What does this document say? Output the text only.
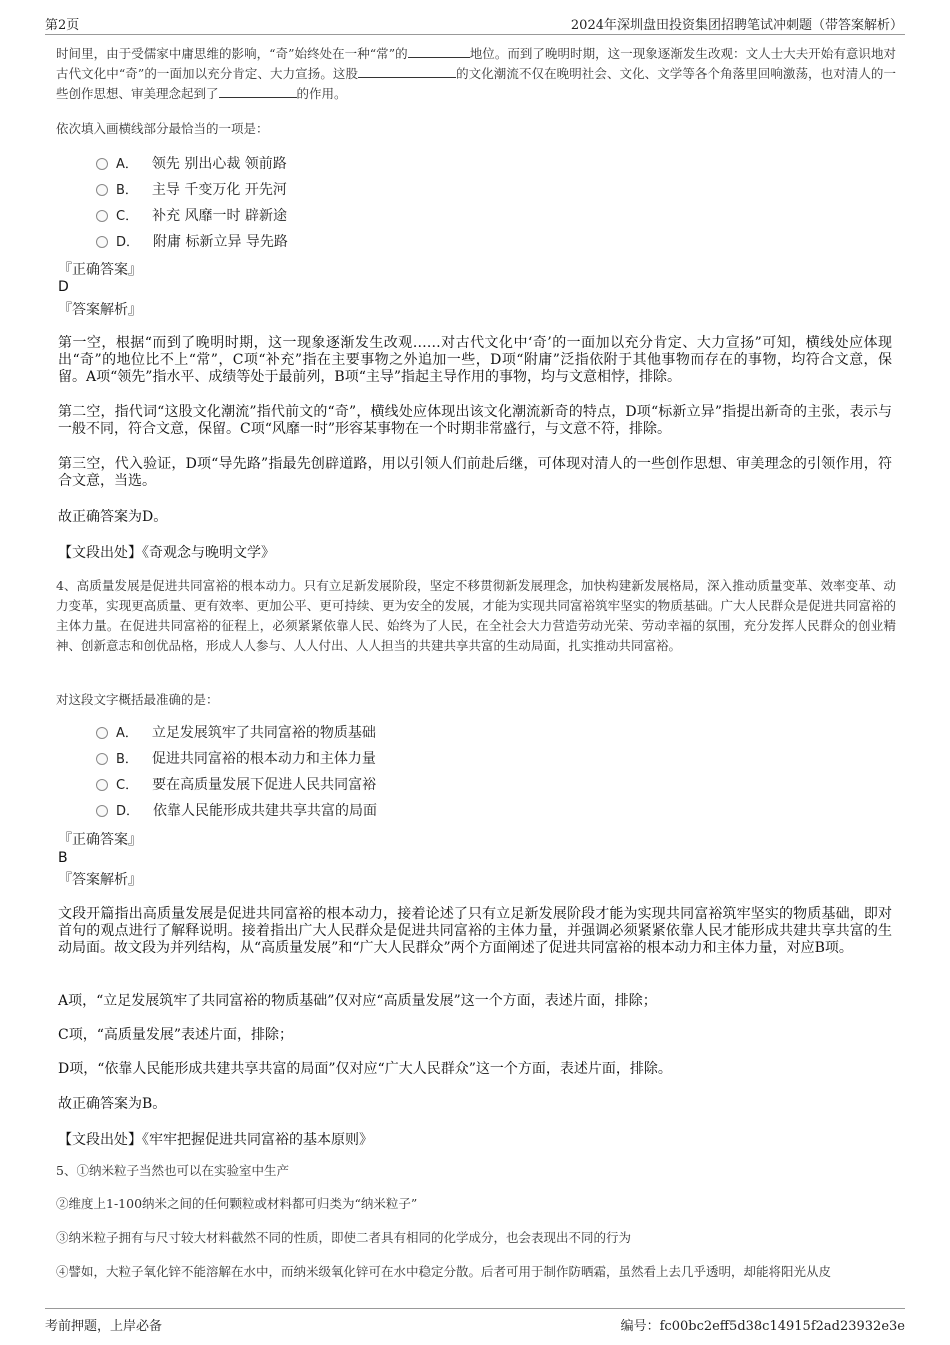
第2页	2024年深圳盘田投资集团招聘笔试冲刺题（带答案解析）

时间里，由于受儒家中庸思维的影响，“奇”始终处在一种“常”的	地位。而到了晚明时期，这一现象逐渐发生改观：文人士大夫开始有意识地对古代文化中“奇”的一面加以充分肯定、大力宣扬。这股	的文化潮流不仅在晚明社会、文化、文学等各个角落里回响激荡，也对清人的一些创作思想、审美理念起到了	的作用。

依次填入画横线部分最恰当的一项是：

A． 领先 别出心裁 领前路
B． 主导 千变万化 开先河
C． 补充 风靡一时 辟新途
D． 附庸 标新立异 导先路
『正确答案』
D
『答案解析』

第一空，根据“而到了晚明时期，这一现象逐渐发生改观……对古代文化中‘奇’的一面加以充分肯定、大力宣扬”可知，横线处应体现出“奇”的地位比不上“常”，C项“补充”指在主要事物之外追加一些，D项“附庸”泛指依附于其他事物而存在的事物，均符合文意，保留。A项“领先”指水平、成绩等处于最前列，B项“主导”指起主导作用的事物，均与文意相悖，排除。

第二空，指代词“这股文化潮流”指代前文的“奇”，横线处应体现出该文化潮流新奇的特点，D项“标新立异”指提出新奇的主张，表示与一般不同，符合文意，保留。C项“风靡一时”形容某事物在一个时期非常盛行，与文意不符，排除。

第三空，代入验证，D项“导先路”指最先创辟道路，用以引领人们前赴后继，可体现对清人的一些创作思想、审美理念的引领作用，符合文意，当选。

故正确答案为D。

【文段出处】《奇观念与晚明文学》

4、高质量发展是促进共同富裕的根本动力。只有立足新发展阶段，坚定不移贯彻新发展理念，加快构建新发展格局，深入推动质量变革、效率变革、动力变革，实现更高质量、更有效率、更加公平、更可持续、更为安全的发展，才能为实现共同富裕筑牢坚实的物质基础。广大人民群众是促进共同富裕的主体力量。在促进共同富裕的征程上，必须紧紧依靠人民、始终为了人民，在全社会大力营造劳动光荣、劳动幸福的氛围，充分发挥人民群众的创业精神、创新意志和创优品格，形成人人参与、人人付出、人人担当的共建共享共富的生动局面，扎实推动共同富裕。

对这段文字概括最准确的是：

A． 立足发展筑牢了共同富裕的物质基础
B． 促进共同富裕的根本动力和主体力量
C． 要在高质量发展下促进人民共同富裕
D． 依靠人民能形成共建共享共富的局面
『正确答案』
B
『答案解析』

文段开篇指出高质量发展是促进共同富裕的根本动力，接着论述了只有立足新发展阶段才能为实现共同富裕筑牢坚实的物质基础，即对首句的观点进行了解释说明。接着指出广大人民群众是促进共同富裕的主体力量，并强调必须紧紧依靠人民才能形成共建共享共富的生动局面。故文段为并列结构，从“高质量发展”和“广大人民群众”两个方面阐述了促进共同富裕的根本动力和主体力量，对应B项。

A项，“立足发展筑牢了共同富裕的物质基础”仅对应“高质量发展”这一个方面，表述片面，排除；

C项，“高质量发展”表述片面，排除；

D项，“依靠人民能形成共建共享共富的局面”仅对应“广大人民群众”这一个方面，表述片面，排除。

故正确答案为B。

【文段出处】《牢牢把握促进共同富裕的基本原则》

5、①纳米粒子当然也可以在实验室中生产

②维度上1-100纳米之间的任何颗粒或材料都可归类为“纳米粒子”

③纳米粒子拥有与尺寸较大材料截然不同的性质，即使二者具有相同的化学成分，也会表现出不同的行为

④譬如，大粒子氧化锌不能溶解在水中，而纳米级氧化锌可在水中稳定分散。后者可用于制作防晒霜，虽然看上去几乎透明，却能将阳光从皮

考前押题，上岸必备	编号：fc00bc2eff5d38c14915f2ad23932e3e
